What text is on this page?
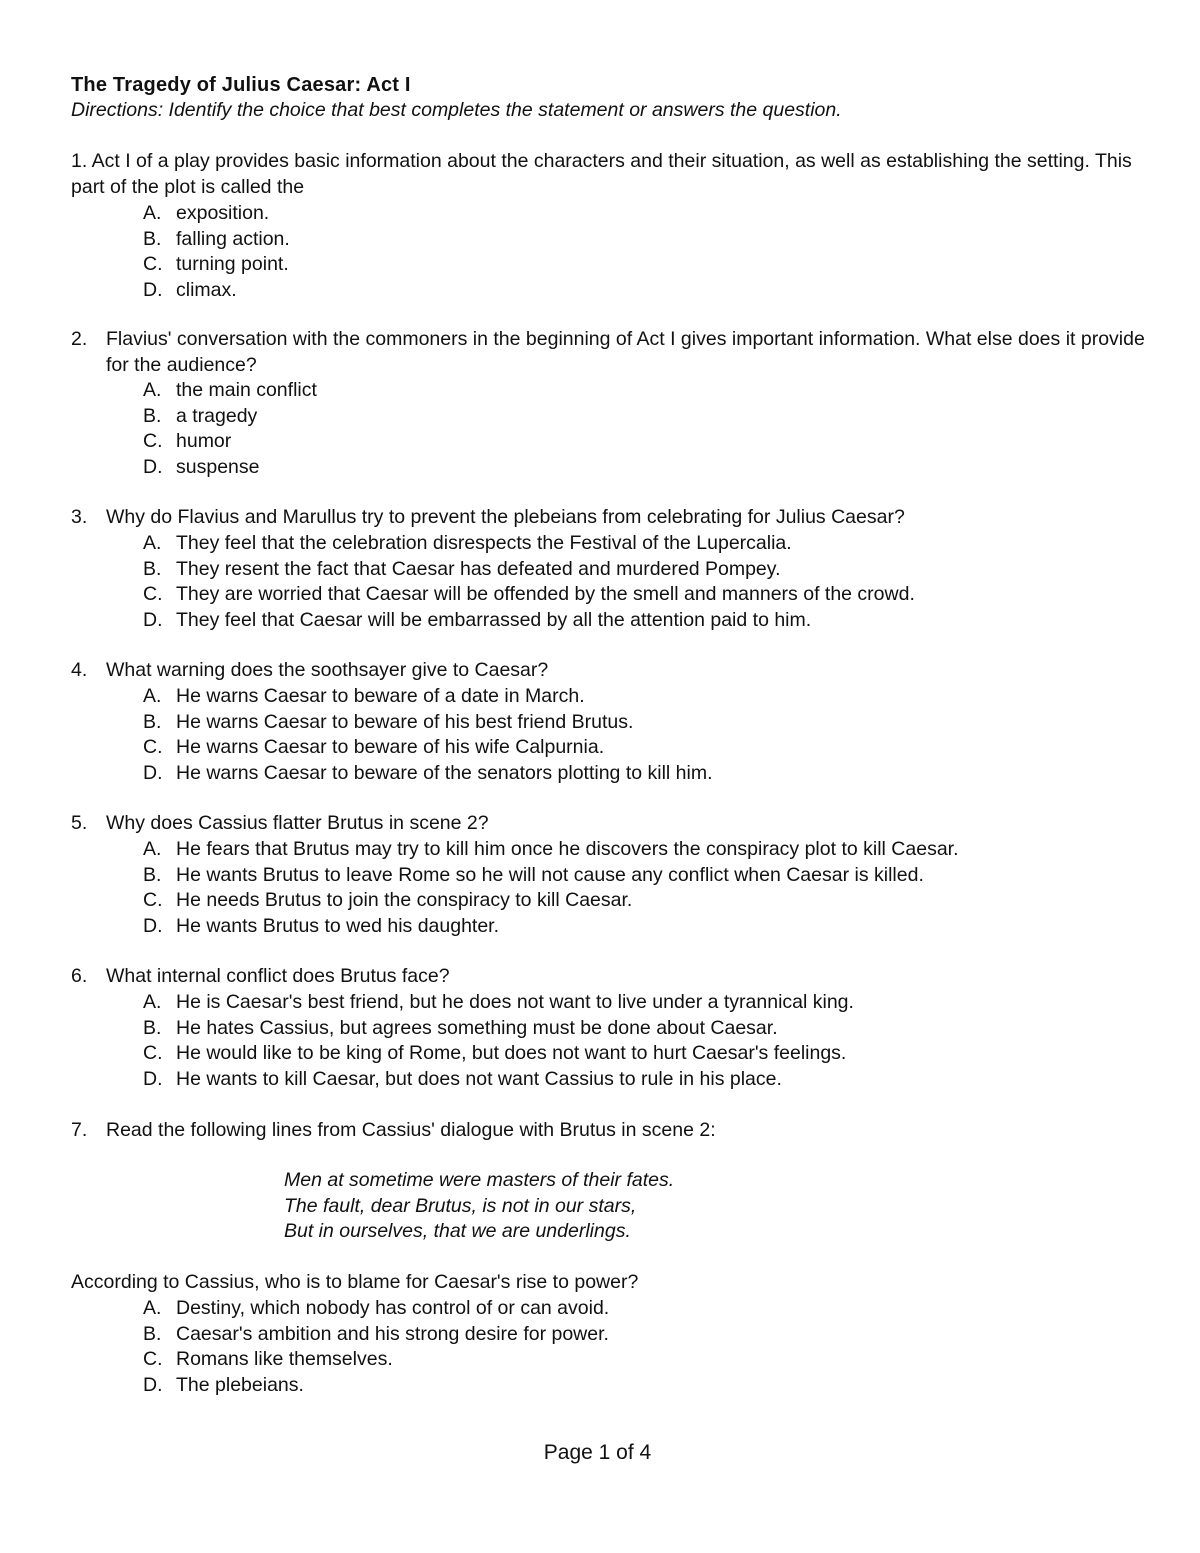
The Tragedy of Julius Caesar: Act I
Directions: Identify the choice that best completes the statement or answers the question.
1. Act I of a play provides basic information about the characters and their situation, as well as establishing the setting. This part of the plot is called the
A. exposition.
B. falling action.
C. turning point.
D. climax.
2. Flavius' conversation with the commoners in the beginning of Act I gives important information. What else does it provide for the audience?
A. the main conflict
B. a tragedy
C. humor
D. suspense
3. Why do Flavius and Marullus try to prevent the plebeians from celebrating for Julius Caesar?
A. They feel that the celebration disrespects the Festival of the Lupercalia.
B. They resent the fact that Caesar has defeated and murdered Pompey.
C. They are worried that Caesar will be offended by the smell and manners of the crowd.
D. They feel that Caesar will be embarrassed by all the attention paid to him.
4. What warning does the soothsayer give to Caesar?
A. He warns Caesar to beware of a date in March.
B. He warns Caesar to beware of his best friend Brutus.
C. He warns Caesar to beware of his wife Calpurnia.
D. He warns Caesar to beware of the senators plotting to kill him.
5. Why does Cassius flatter Brutus in scene 2?
A. He fears that Brutus may try to kill him once he discovers the conspiracy plot to kill Caesar.
B. He wants Brutus to leave Rome so he will not cause any conflict when Caesar is killed.
C. He needs Brutus to join the conspiracy to kill Caesar.
D. He wants Brutus to wed his daughter.
6. What internal conflict does Brutus face?
A. He is Caesar's best friend, but he does not want to live under a tyrannical king.
B. He hates Cassius, but agrees something must be done about Caesar.
C. He would like to be king of Rome, but does not want to hurt Caesar's feelings.
D. He wants to kill Caesar, but does not want Cassius to rule in his place.
7. Read the following lines from Cassius' dialogue with Brutus in scene 2:
Men at sometime were masters of their fates.
The fault, dear Brutus, is not in our stars,
But in ourselves, that we are underlings.
According to Cassius, who is to blame for Caesar's rise to power?
A. Destiny, which nobody has control of or can avoid.
B. Caesar's ambition and his strong desire for power.
C. Romans like themselves.
D. The plebeians.
Page 1 of 4
